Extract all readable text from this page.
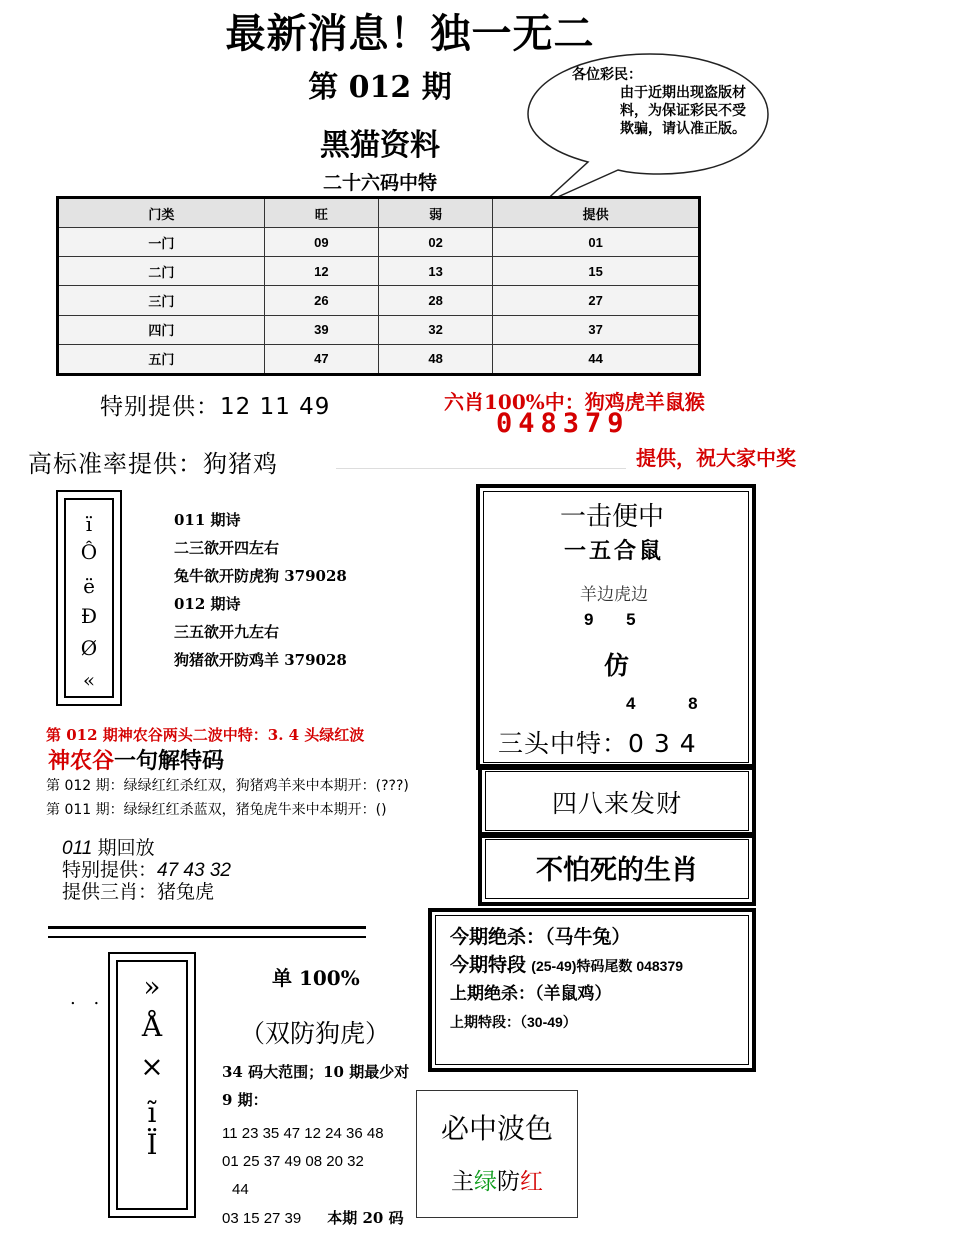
最新消息！独一无二
第 012 期
黑猫资料
二十六码中特
各位彩民：
由于近期出现盗版材料，为保证彩民不受欺骗，请认准正版。
门类	旺	弱	提供
一门	09	02	01
二门	12	13	15
三门	26	28	27
四门	39	32	37
五门	47	48	44
特别提供：12 11 49
高标准率提供：狗猪鸡
六肖100%中：狗鸡虎羊鼠猴
048379
提供，祝大家中奖
ï
Ô
ë
Ð
Ø
«
011 期诗
二三欲开四左右
兔牛欲开防虎狗 379028
012 期诗
三五欲开九左右
狗猪欲开防鸡羊 379028
第 012 期神农谷两头二波中特：3. 4 头绿红波
神农谷一句解特码
第 012 期：绿绿红红杀红双，狗猪鸡羊来中本期开：(???)
第 011 期：绿绿红红杀蓝双，猪兔虎牛来中本期开：()
011 期回放
特别提供：47 43 32
提供三肖：猪兔虎
一击便中
一五合鼠
羊边虎边
9 5
仿
4 8
三头中特：0 3 4
四八来发财
不怕死的生肖
今期绝杀：（马牛兔）
今期特段 (25-49)特码尾数 048379
上期绝杀：（羊鼠鸡）
上期特段：（30-49）
. .	»
Å
×
ĩ
Ï
单 100%
（双防狗虎）
34 码大范围；10 期最少对
9 期：
11 23 35 47 12 24 36 48
01 25 37 49 08 20 32
44
03 15 27 39 本期 20 码
必中波色
主绿防红
